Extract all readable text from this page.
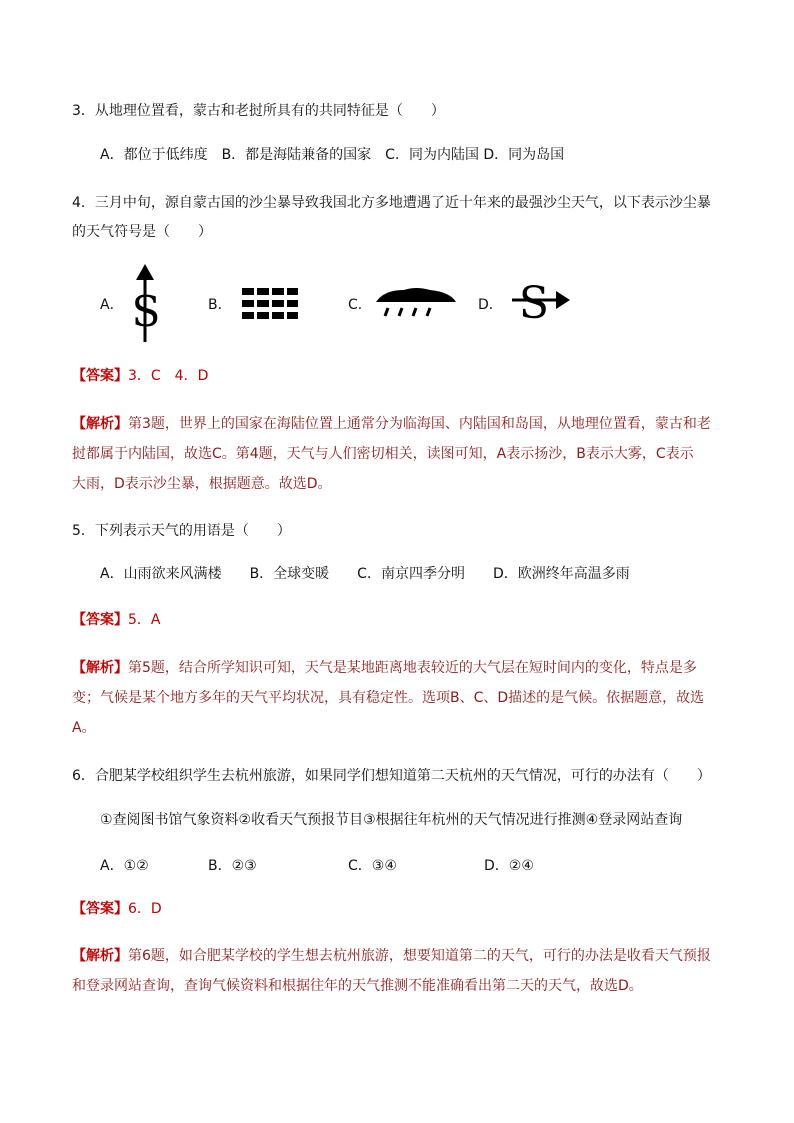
3．从地理位置看，蒙古和老挝所具有的共同特征是（　　）
A．都位于低纬度　B．都是海陆兼备的国家　C．同为内陆国 D．同为岛国
4．三月中旬，源自蒙古国的沙尘暴导致我国北方多地遭遇了近十年来的最强沙尘天气，以下表示沙尘暴
的天气符号是（　　）
A． S	B．	C．	D． S
【答案】3．C　4．D
【解析】第3题，世界上的国家在海陆位置上通常分为临海国、内陆国和岛国，从地理位置看，蒙古和老
挝都属于内陆国，故选C。第4题，天气与人们密切相关，读图可知，A表示扬沙，B表示大雾，C表示
大雨，D表示沙尘暴，根据题意。故选D。
5．下列表示天气的用语是（　　）
A．山雨欲来风满楼　　B．全球变暖　　C．南京四季分明　　D．欧洲终年高温多雨
【答案】5．A
【解析】第5题，结合所学知识可知，天气是某地距离地表较近的大气层在短时间内的变化，特点是多
变；气候是某个地方多年的天气平均状况，具有稳定性。选项B、C、D描述的是气候。依据题意，故选
A。
6．合肥某学校组织学生去杭州旅游，如果同学们想知道第二天杭州的天气情况，可行的办法有（　　）
①查阅图书馆气象资料②收看天气预报节目③根据往年杭州的天气情况进行推测④登录网站查询
A．①②	B．②③	C．③④	D．②④
【答案】6．D
【解析】第6题，如合肥某学校的学生想去杭州旅游，想要知道第二的天气，可行的办法是收看天气预报
和登录网站查询，查询气候资料和根据往年的天气推测不能准确看出第二天的天气，故选D。
